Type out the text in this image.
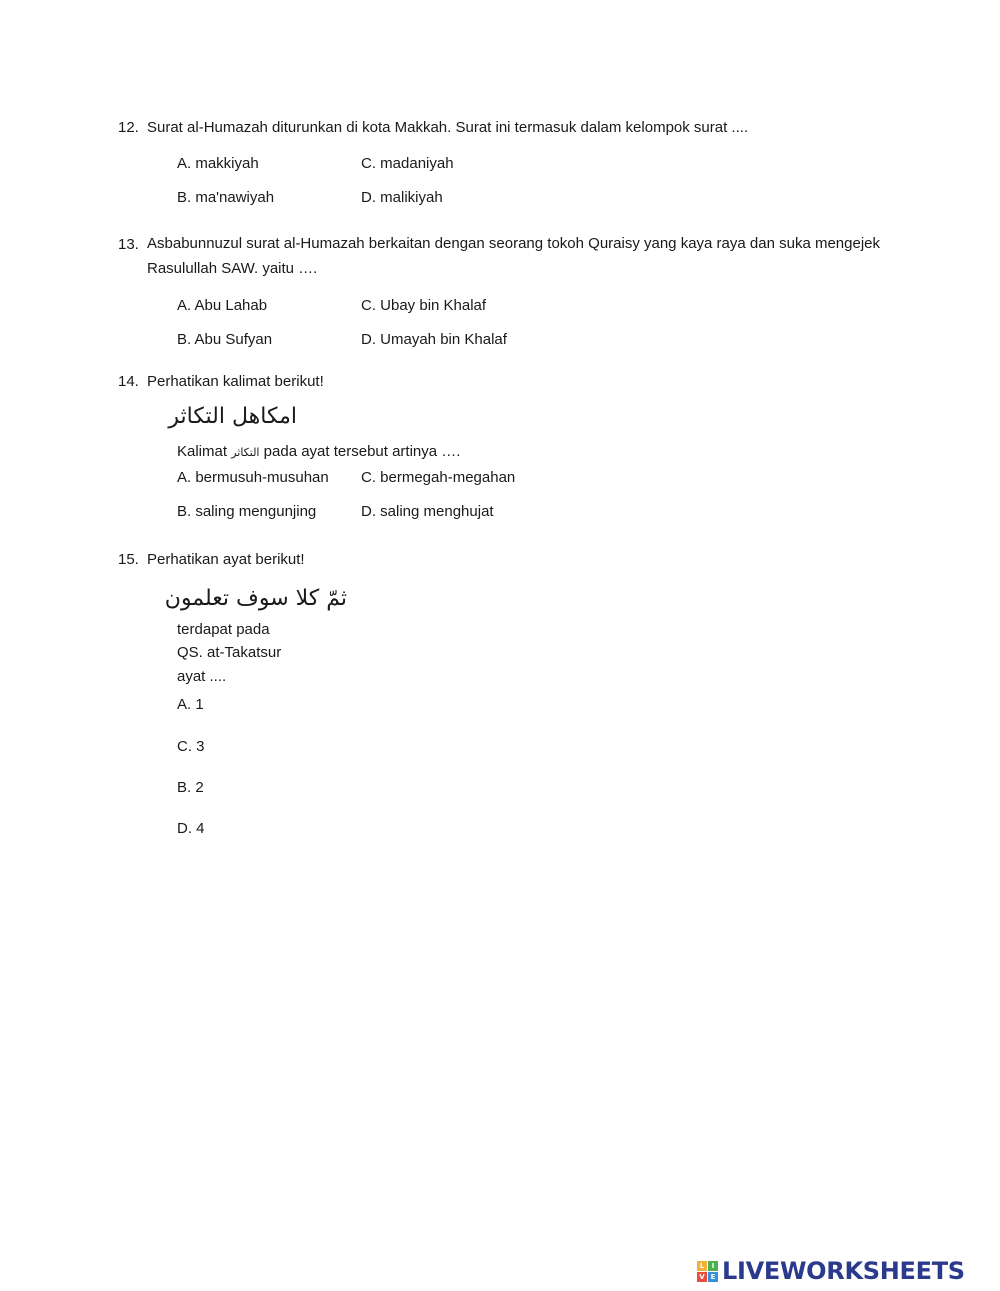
12. Surat al-Humazah diturunkan di kota Makkah. Surat ini termasuk dalam kelompok surat ....
A. makkiyah	C. madaniyah
B. ma'nawiyah	D. malikiyah
13. Asbabunnuzul surat al-Humazah berkaitan dengan seorang tokoh Quraisy yang kaya raya dan suka mengejek
Rasulullah SAW. yaitu ….
A. Abu Lahab	C. Ubay bin Khalaf
B. Abu Sufyan	D. Umayah bin Khalaf
14. Perhatikan kalimat berikut!
امكاهل التكاثر
Kalimat التكاثر pada ayat tersebut artinya ….
A. bermusuh-musuhan C. bermegah-megahan
B. saling mengunjing	D. saling menghujat
15. Perhatikan ayat berikut!
ثمّ كلا سوف تعلمون
terdapat pada
QS. at-Takatsur
ayat ....
A. 1
C. 3
B. 2
D. 4
L	I
V E LIVEWORKSHEETS
